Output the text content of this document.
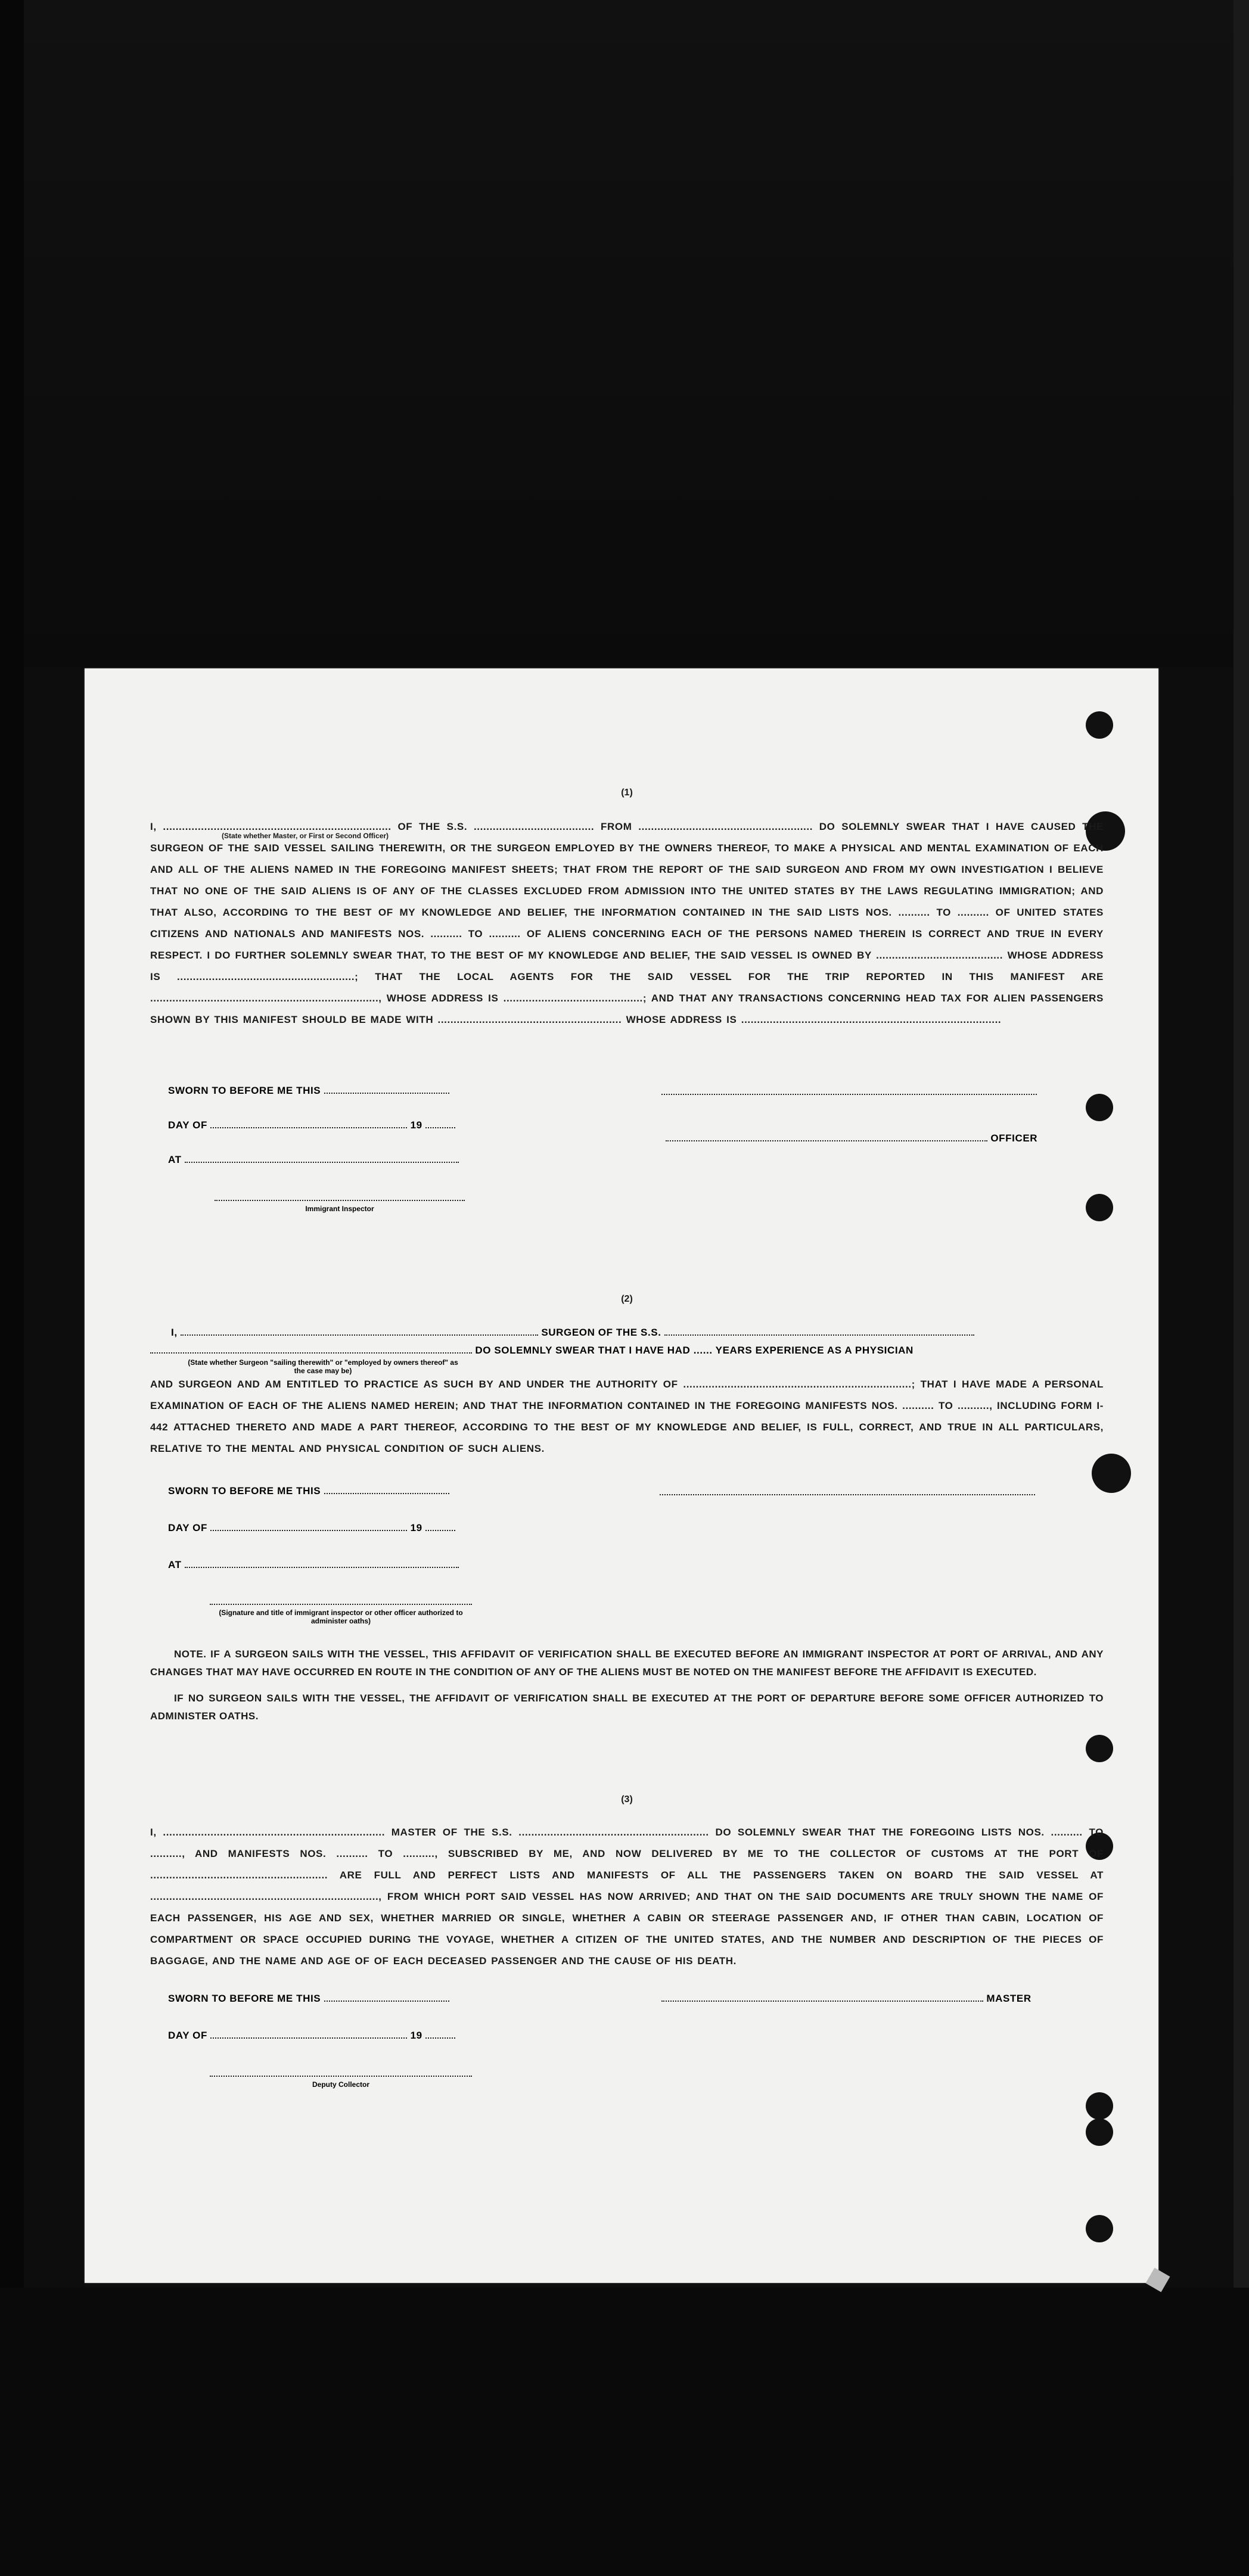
(1)

I, ........................................................................ OF THE S.S. ...................................... FROM ....................................................... DO SOLEMNLY SWEAR THAT I HAVE CAUSED THE SURGEON OF THE SAID VESSEL SAILING THEREWITH, OR THE SURGEON EMPLOYED BY THE OWNERS THEREOF, TO MAKE A PHYSICAL AND MENTAL EXAMINATION OF EACH AND ALL OF THE ALIENS NAMED IN THE FOREGOING MANIFEST SHEETS; THAT FROM THE REPORT OF THE SAID SURGEON AND FROM MY OWN INVESTIGATION I BELIEVE THAT NO ONE OF THE SAID ALIENS IS OF ANY OF THE CLASSES EXCLUDED FROM ADMISSION INTO THE UNITED STATES BY THE LAWS REGULATING IMMIGRATION; AND THAT ALSO, ACCORDING TO THE BEST OF MY KNOWLEDGE AND BELIEF, THE INFORMATION CONTAINED IN THE SAID LISTS NOS. .......... TO .......... OF UNITED STATES CITIZENS AND NATIONALS AND MANIFESTS NOS. .......... TO .......... OF ALIENS CONCERNING EACH OF THE PERSONS NAMED THEREIN IS CORRECT AND TRUE IN EVERY RESPECT. I DO FURTHER SOLEMNLY SWEAR THAT, TO THE BEST OF MY KNOWLEDGE AND BELIEF, THE SAID VESSEL IS OWNED BY ........................................ WHOSE ADDRESS IS ........................................................; THAT THE LOCAL AGENTS FOR THE SAID VESSEL FOR THE TRIP REPORTED IN THIS MANIFEST ARE ........................................................................, WHOSE ADDRESS IS ............................................; AND THAT ANY TRANSACTIONS CONCERNING HEAD TAX FOR ALIEN PASSENGERS SHOWN BY THIS MANIFEST SHOULD BE MADE WITH .......................................................... WHOSE ADDRESS IS ..................................................................................

(State whether Master, or First or Second Officer)
SWORN TO BEFORE ME THIS
DAY OF	19
OFFICER
AT
Immigrant Inspector
(2)
I,	SURGEON OF THE S.S.
DO SOLEMNLY SWEAR THAT I HAVE HAD ...... YEARS EXPERIENCE AS A PHYSICIAN
(State whether Surgeon "sailing therewith" or "employed by owners thereof" as the case may be)

AND SURGEON AND AM ENTITLED TO PRACTICE AS SUCH BY AND UNDER THE AUTHORITY OF ........................................................................; THAT I HAVE MADE A PERSONAL EXAMINATION OF EACH OF THE ALIENS NAMED HEREIN; AND THAT THE INFORMATION CONTAINED IN THE FOREGOING MANIFESTS NOS. .......... TO .........., INCLUDING FORM I-442 ATTACHED THERETO AND MADE A PART THEREOF, ACCORDING TO THE BEST OF MY KNOWLEDGE AND BELIEF, IS FULL, CORRECT, AND TRUE IN ALL PARTICULARS, RELATIVE TO THE MENTAL AND PHYSICAL CONDITION OF SUCH ALIENS.

SWORN TO BEFORE ME THIS
DAY OF	19
AT
(Signature and title of immigrant inspector or other officer authorized to administer oaths)

NOTE. IF A SURGEON SAILS WITH THE VESSEL, THIS AFFIDAVIT OF VERIFICATION SHALL BE EXECUTED BEFORE AN IMMIGRANT INSPECTOR AT PORT OF ARRIVAL, AND ANY CHANGES THAT MAY HAVE OCCURRED EN ROUTE IN THE CONDITION OF ANY OF THE ALIENS MUST BE NOTED ON THE MANIFEST BEFORE THE AFFIDAVIT IS EXECUTED.

IF NO SURGEON SAILS WITH THE VESSEL, THE AFFIDAVIT OF VERIFICATION SHALL BE EXECUTED AT THE PORT OF DEPARTURE BEFORE SOME OFFICER AUTHORIZED TO ADMINISTER OATHS.

(3)

I, ...................................................................... MASTER OF THE S.S. ............................................................ DO SOLEMNLY SWEAR THAT THE FOREGOING LISTS NOS. .......... TO .........., AND MANIFESTS NOS. .......... TO .........., SUBSCRIBED BY ME, AND NOW DELIVERED BY ME TO THE COLLECTOR OF CUSTOMS AT THE PORT OF ........................................................ ARE FULL AND PERFECT LISTS AND MANIFESTS OF ALL THE PASSENGERS TAKEN ON BOARD THE SAID VESSEL AT ........................................................................, FROM WHICH PORT SAID VESSEL HAS NOW ARRIVED; AND THAT ON THE SAID DOCUMENTS ARE TRULY SHOWN THE NAME OF EACH PASSENGER, HIS AGE AND SEX, WHETHER MARRIED OR SINGLE, WHETHER A CABIN OR STEERAGE PASSENGER AND, IF OTHER THAN CABIN, LOCATION OF COMPARTMENT OR SPACE OCCUPIED DURING THE VOYAGE, WHETHER A CITIZEN OF THE UNITED STATES, AND THE NUMBER AND DESCRIPTION OF THE PIECES OF BAGGAGE, AND THE NAME AND AGE OF OF EACH DECEASED PASSENGER AND THE CAUSE OF HIS DEATH.

SWORN TO BEFORE ME THIS	MASTER
DAY OF	19
Deputy Collector
